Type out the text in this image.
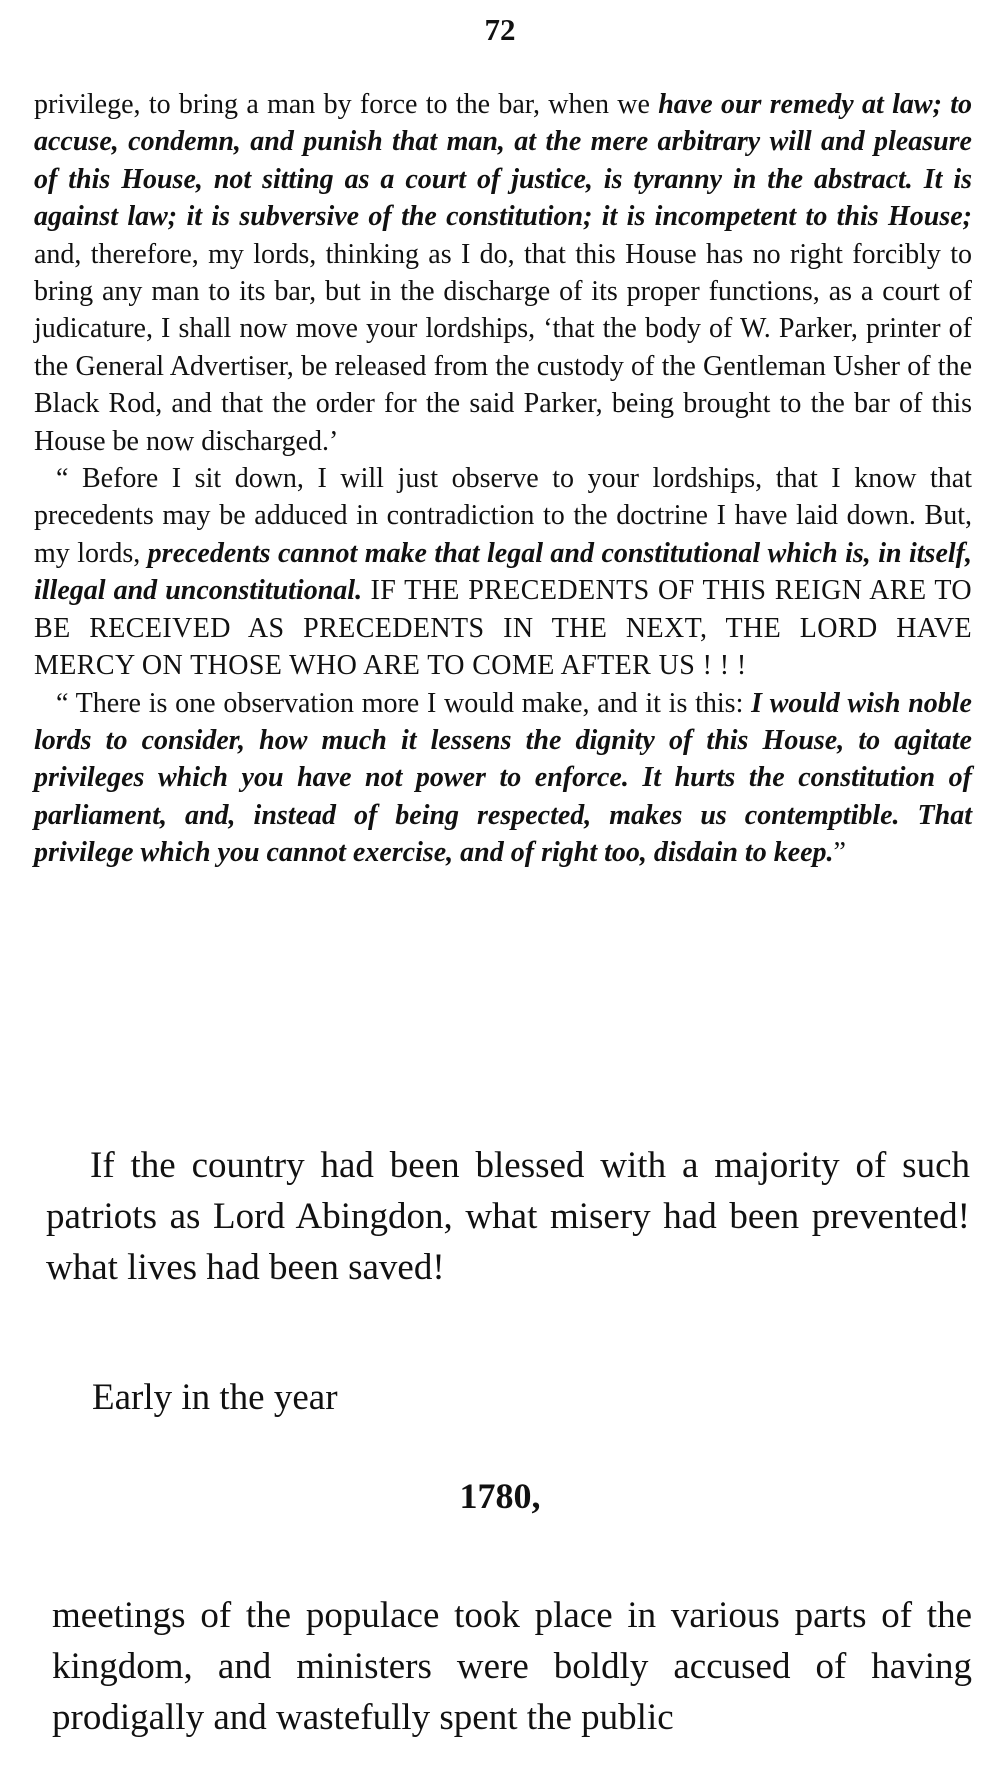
72

privilege, to bring a man by force to the bar, when we have our remedy at law; to accuse, condemn, and punish that man, at the mere arbitrary will and pleasure of this House, not sitting as a court of justice, is tyranny in the abstract. It is against law; it is subversive of the constitution; it is incompetent to this House; and, therefore, my lords, thinking as I do, that this House has no right forcibly to bring any man to its bar, but in the discharge of its proper functions, as a court of judicature, I shall now move your lordships, ‘that the body of W. Parker, printer of the General Advertiser, be released from the custody of the Gentleman Usher of the Black Rod, and that the order for the said Parker, being brought to the bar of this House be now discharged.’

“ Before I sit down, I will just observe to your lordships, that I know that precedents may be adduced in contradiction to the doctrine I have laid down. But, my lords, precedents cannot make that legal and constitutional which is, in itself, illegal and unconstitutional. IF THE PRECEDENTS OF THIS REIGN ARE TO BE RECEIVED AS PRECEDENTS IN THE NEXT, THE LORD HAVE MERCY ON THOSE WHO ARE TO COME AFTER US ! ! !

“ There is one observation more I would make, and it is this: I would wish noble lords to consider, how much it lessens the dignity of this House, to agitate privileges which you have not power to enforce. It hurts the constitution of parliament, and, instead of being respected, makes us contemptible. That privilege which you cannot exercise, and of right too, disdain to keep.”

If the country had been blessed with a majority of such patriots as Lord Abingdon, what misery had been prevented! what lives had been saved!

Early in the year

1780,

meetings of the populace took place in various parts of the kingdom, and ministers were boldly accused of having prodigally and wastefully spent the public
